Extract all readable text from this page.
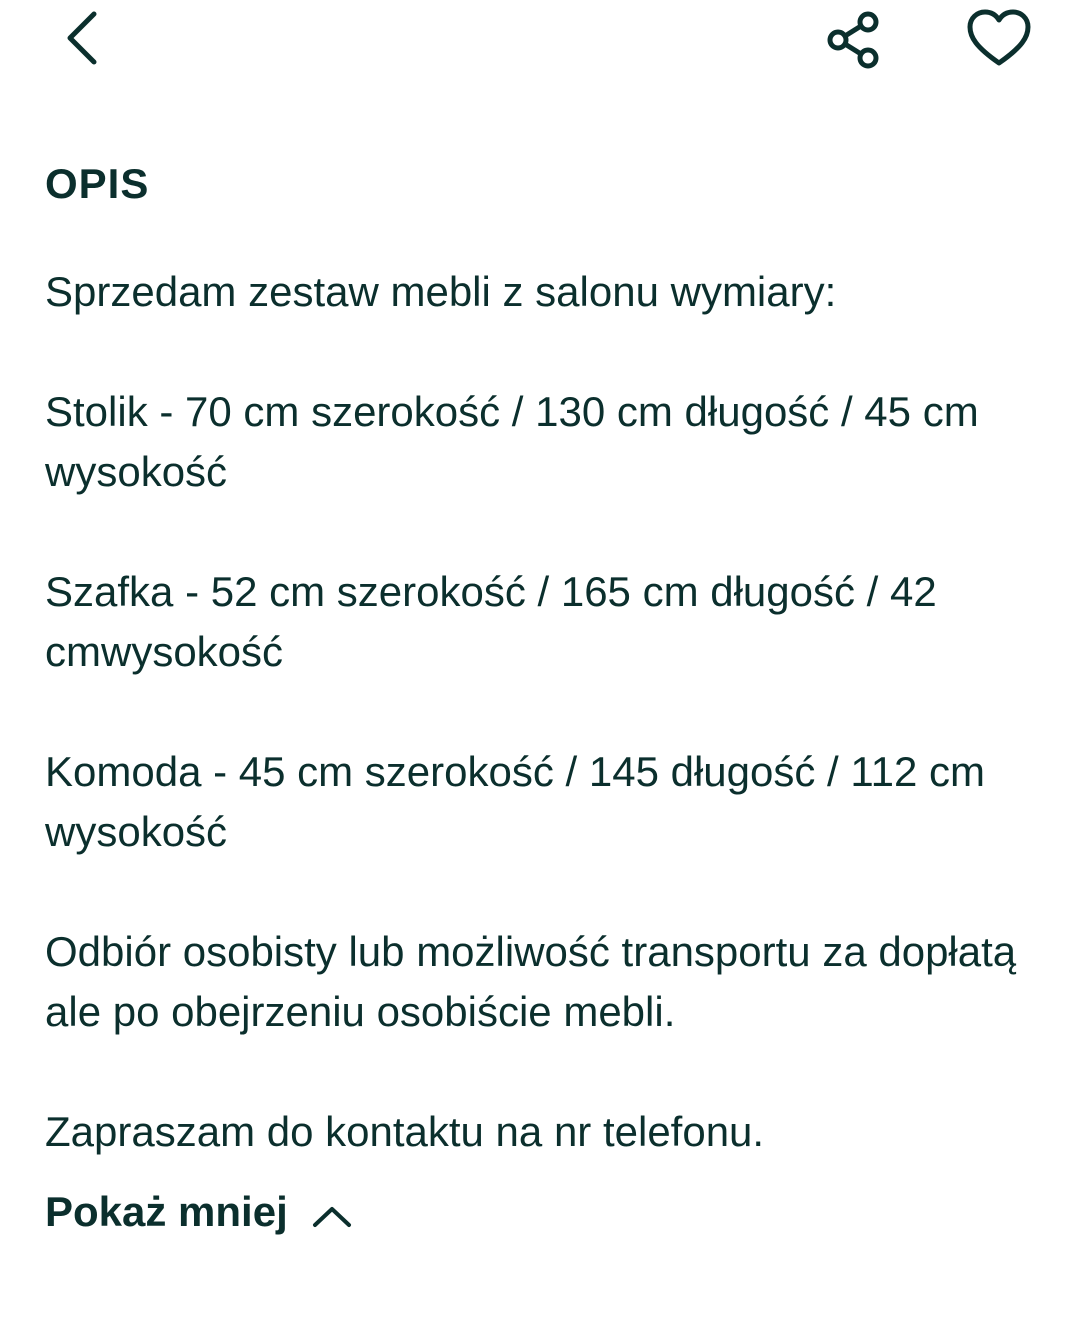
OPIS

Sprzedam zestaw mebli z salonu wymiary:

Stolik - 70 cm szerokość / 130 cm długość / 45 cm wysokość

Szafka - 52 cm szerokość / 165 cm długość / 42 cmwysokość

Komoda - 45 cm szerokość / 145 długość / 112 cm wysokość

Odbiór osobisty lub możliwość transportu za dopłatą ale po obejrzeniu osobiście mebli.

Zapraszam do kontaktu na nr telefonu.

Pokaż mniej
